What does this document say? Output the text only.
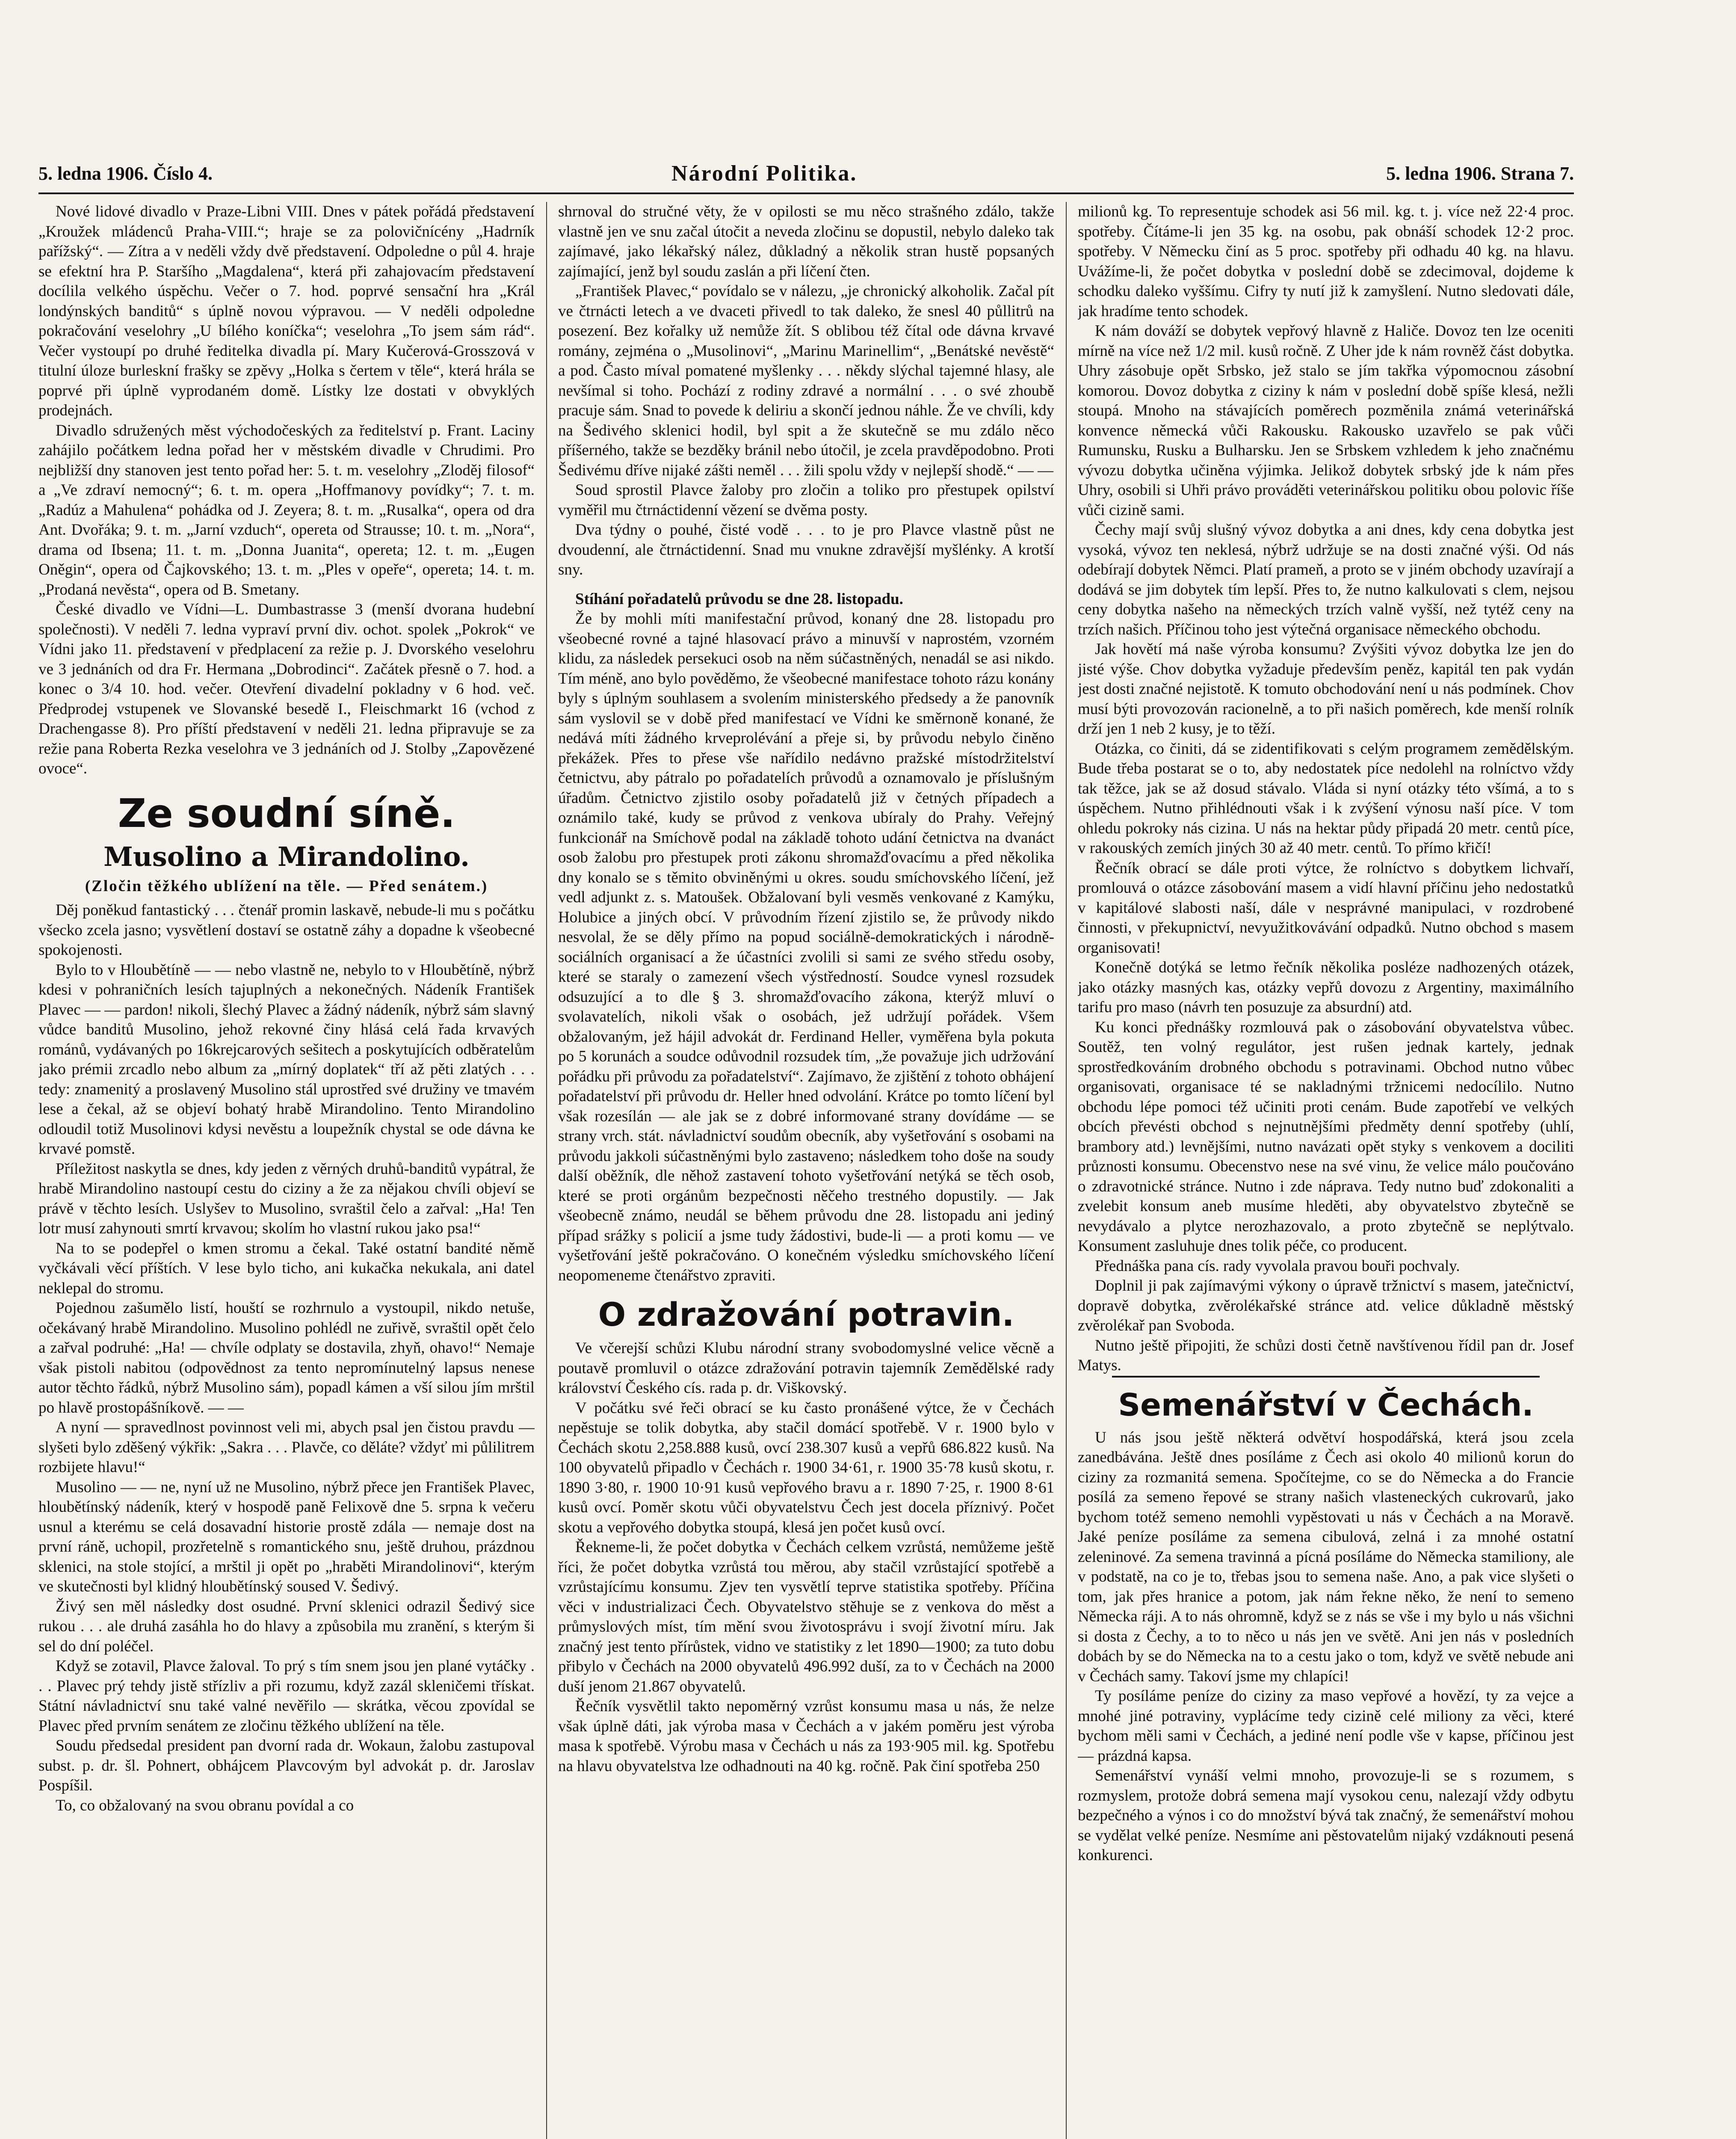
5. ledna 1906. Číslo 4.	Národní Politika.	5. ledna 1906. Strana 7.

Nové lidové divadlo v Praze-Libni VIII. Dnes v pátek pořádá představení „Kroužek mládenců Praha-VIII.“; hraje se za polovičnícény „Hadrník pařížský“. — Zítra a v neděli vždy dvě představení. Odpoledne o půl 4. hraje se efektní hra P. Staršího „Magdalena“, která při zahajovacím představení docílila velkého úspěchu. Večer o 7. hod. poprvé sensační hra „Král londýnských banditů“ s úplně novou výpravou. — V neděli odpoledne pokračování veselohry „U bílého koníčka“; veselohra „To jsem sám rád“. Večer vystoupí po druhé ředitelka divadla pí. Mary Kučerová-Grosszová v titulní úloze burleskní frašky se zpěvy „Holka s čertem v těle“, která hrála se poprvé při úplně vyprodaném domě. Lístky lze dostati v obvyklých prodejnách.

Divadlo sdružených měst východočeských za ředitelství p. Frant. Laciny zahájilo počátkem ledna pořad her v městském divadle v Chrudimi. Pro nejbližší dny stanoven jest tento pořad her: 5. t. m. veselohry „Zloděj filosof“ a „Ve zdraví nemocný“; 6. t. m. opera „Hoffmanovy povídky“; 7. t. m. „Radúz a Mahulena“ pohádka od J. Zeyera; 8. t. m. „Rusalka“, opera od dra Ant. Dvořáka; 9. t. m. „Jarní vzduch“, opereta od Strausse; 10. t. m. „Nora“, drama od Ibsena; 11. t. m. „Donna Juanita“, opereta; 12. t. m. „Eugen Oněgin“, opera od Čajkovského; 13. t. m. „Ples v opeře“, opereta; 14. t. m. „Prodaná nevěsta“, opera od B. Smetany.

České divadlo ve Vídni—L. Dumbastrasse 3 (menší dvorana hudební společnosti). V neděli 7. ledna vypraví první div. ochot. spolek „Pokrok“ ve Vídni jako 11. představení v předplacení za režie p. J. Dvorského veselohru ve 3 jednáních od dra Fr. Hermana „Dobrodinci“. Začátek přesně o 7. hod. a konec o 3/4 10. hod. večer. Otevření divadelní pokladny v 6 hod. več. Předprodej vstupenek ve Slovanské besedě I., Fleischmarkt 16 (vchod z Drachengasse 8). Pro příští představení v neděli 21. ledna připravuje se za režie pana Roberta Rezka veselohra ve 3 jednáních od J. Stolby „Zapovězené ovoce“.

Ze soudní síně.
Musolino a Mirandolino.
(Zločin těžkého ublížení na těle. — Před senátem.)

Děj poněkud fantastický . . . čtenář promin laskavě, nebude-li mu s počátku všecko zcela jasno; vysvětlení dostaví se ostatně záhy a dopadne k všeobecné spokojenosti.

Bylo to v Hloubětíně — — nebo vlastně ne, nebylo to v Hloubětíně, nýbrž kdesi v pohraničních lesích tajuplných a nekonečných. Nádeník František Plavec — — pardon! nikoli, šlechý Plavec a žádný nádeník, nýbrž sám slavný vůdce banditů Musolino, jehož rekovné činy hlásá celá řada krvavých románů, vydávaných po 16krejcarových sešitech a poskytujících odběratelům jako prémii zrcadlo nebo album za „mírný doplatek“ tří až pěti zlatých . . . tedy: znamenitý a proslavený Musolino stál uprostřed své družiny ve tmavém lese a čekal, až se objeví bohatý hrabě Mirandolino. Tento Mirandolino odloudil totiž Musolinovi kdysi nevěstu a loupežník chystal se ode dávna ke krvavé pomstě.

Příležitost naskytla se dnes, kdy jeden z věrných druhů-banditů vypátral, že hrabě Mirandolino nastoupí cestu do ciziny a že za nějakou chvíli objeví se právě v těchto lesích. Uslyšev to Musolino, svraštil čelo a zařval: „Ha! Ten lotr musí zahynouti smrtí krvavou; skolím ho vlastní rukou jako psa!“

Na to se podepřel o kmen stromu a čekal. Také ostatní bandité němě vyčkávali věcí příštích. V lese bylo ticho, ani kukačka nekukala, ani datel neklepal do stromu.

Pojednou zašumělo listí, houští se rozhrnulo a vystoupil, nikdo netuše, očekávaný hrabě Mirandolino. Musolino pohlédl ne zuřivě, svraštil opět čelo a zařval podruhé: „Ha! — chvíle odplaty se dostavila, zhyň, ohavo!“ Nemaje však pistoli nabitou (odpovědnost za tento nepromínutelný lapsus nenese autor těchto řádků, nýbrž Musolino sám), popadl kámen a vší silou jím mrštil po hlavě prostopášníkově. — —

A nyní — spravedlnost povinnost veli mi, abych psal jen čistou pravdu — slyšeti bylo zděšený výkřik: „Sakra . . . Plavče, co děláte? vždyť mi půlilitrem rozbijete hlavu!“

Musolino — — ne, nyní už ne Musolino, nýbrž přece jen František Plavec, hloubětínský nádeník, který v hospodě paně Felixově dne 5. srpna k večeru usnul a kterému se celá dosavadní historie prostě zdála — nemaje dost na první ráně, uchopil, prozřetelně s romantického snu, ještě druhou, prázdnou sklenici, na stole stojící, a mrštil ji opět po „hraběti Mirandolinovi“, kterým ve skutečnosti byl klidný hloubětínský soused V. Šedivý.

Živý sen měl následky dost osudné. První sklenici odrazil Šedivý sice rukou . . . ale druhá zasáhla ho do hlavy a způsobila mu zranění, s kterým ši sel do dní poléčel.

Když se zotavil, Plavce žaloval. To prý s tím snem jsou jen plané vytáčky . . . Plavec prý tehdy jistě střízliv a při rozumu, když zazál skleničemi třískat. Státní návladnictví snu také valné nevěřilo — skrátka, věcou zpovídal se Plavec před prvním senátem ze zločinu těžkého ublížení na těle.

Soudu předsedal president pan dvorní rada dr. Wokaun, žalobu zastupoval subst. p. dr. šl. Pohnert, obhájcem Plavcovým byl advokát p. dr. Jaroslav Pospíšil.

To, co obžalovaný na svou obranu povídal a co

shrnoval do stručné věty, že v opilosti se mu něco strašného zdálo, takže vlastně jen ve snu začal útočit a neveda zločinu se dopustil, nebylo daleko tak zajímavé, jako lékařský nález, důkladný a několik stran hustě popsaných zajímající, jenž byl soudu zaslán a při líčení čten.

„František Plavec,“ povídalo se v nálezu, „je chronický alkoholik. Začal pít ve čtrnácti letech a ve dvaceti přivedl to tak daleko, že snesl 40 půllitrů na posezení. Bez kořalky už nemůže žít. S oblibou též čítal ode dávna krvavé romány, zejména o „Musolinovi“, „Marinu Marinellim“, „Benátské nevěstě“ a pod. Často míval pomatené myšlenky . . . někdy slýchal tajemné hlasy, ale nevšímal si toho. Pochází z rodiny zdravé a normální . . . o své zhoubě pracuje sám. Snad to povede k deliriu a skončí jednou náhle. Že ve chvíli, kdy na Šedivého sklenici hodil, byl spit a že skutečně se mu zdálo něco příšerného, takže se bezděky bránil nebo útočil, je zcela pravděpodobno. Proti Šedivému dříve nijaké zášti neměl . . . žili spolu vždy v nejlepší shodě.“ — —

Soud sprostil Plavce žaloby pro zločin a toliko pro přestupek opilství vyměřil mu čtrnáctidenní vězení se dvěma posty.

Dva týdny o pouhé, čisté vodě . . . to je pro Plavce vlastně půst ne dvoudenní, ale čtrnáctidenní. Snad mu vnukne zdravější myšlénky. A krotší sny.

Stíhání pořadatelů průvodu se dne 28. listopadu.

Že by mohli míti manifestační průvod, konaný dne 28. listopadu pro všeobecné rovné a tajné hlasovací právo a minuvší v naprostém, vzorném klidu, za následek persekuci osob na něm súčastněných, nenadál se asi nikdo. Tím méně, ano bylo pověděmo, že všeobecné manifestace tohoto rázu konány byly s úplným souhlasem a svolením ministerského předsedy a že panovník sám vyslovil se v době před manifestací ve Vídni ke směrnoně konané, že nedává míti žádného krveprolévání a přeje si, by průvodu nebylo činěno překážek. Přes to přese vše nařídilo nedávno pražské místodržitelství četnictvu, aby pátralo po pořadatelích průvodů a oznamovalo je příslušným úřadům. Četnictvo zjistilo osoby pořadatelů již v četných případech a oznámilo také, kudy se průvod z venkova ubíraly do Prahy. Veřejný funkcionář na Smíchově podal na základě tohoto udání četnictva na dvanáct osob žalobu pro přestupek proti zákonu shromažďovacímu a před několika dny konalo se s těmito obviněnými u okres. soudu smíchovského líčení, jež vedl adjunkt z. s. Matoušek. Obžalovaní byli vesměs venkované z Kamýku, Holubice a jiných obcí. V průvodním řízení zjistilo se, že průvody nikdo nesvolal, že se děly přímo na popud sociálně-demokratických i národně-sociálních organisací a že účastníci zvolili si sami ze svého středu osoby, které se staraly o zamezení všech výstředností. Soudce vynesl rozsudek odsuzující a to dle § 3. shromažďovacího zákona, kterýž mluví o svolavatelích, nikoli však o osobách, jež udržují pořádek. Všem obžalovaným, jež hájil advokát dr. Ferdinand Heller, vyměřena byla pokuta po 5 korunách a soudce odůvodnil rozsudek tím, „že považuje jich udržování pořádku při průvodu za pořadatelství“. Zajímavo, že zjištění z tohoto obhájení pořadatelství při průvodu dr. Heller hned odvolání. Krátce po tomto líčení byl však rozesílán — ale jak se z dobré informované strany dovídáme — se strany vrch. stát. návladnictví soudům obecník, aby vyšetřování s osobami na průvodu jakkoli súčastněnými bylo zastaveno; následkem toho doše na soudy další oběžník, dle něhož zastavení tohoto vyšetřování netýká se těch osob, které se proti orgánům bezpečnosti něčeho trestného dopustily. — Jak všeobecně známo, neudál se během průvodu dne 28. listopadu ani jediný případ srážky s policií a jsme tudy žádostivi, bude-li — a proti komu — ve vyšetřování ještě pokračováno. O konečném výsledku smíchovského líčení neopomeneme čtenářstvo zpraviti.

O zdražování potravin.

Ve včerejší schůzi Klubu národní strany svobodomyslné velice věcně a poutavě promluvil o otázce zdražování potravin tajemník Zemědělské rady království Českého cís. rada p. dr. Viškovský.

V počátku své řeči obrací se ku často pronášené výtce, že v Čechách nepěstuje se tolik dobytka, aby stačil domácí spotřebě. V r. 1900 bylo v Čechách skotu 2,258.888 kusů, ovcí 238.307 kusů a vepřů 686.822 kusů. Na 100 obyvatelů připadlo v Čechách r. 1900 34·61, r. 1900 35·78 kusů skotu, r. 1890 3·80, r. 1900 10·91 kusů vepřového bravu a r. 1890 7·25, r. 1900 8·61 kusů ovcí. Poměr skotu vůči obyvatelstvu Čech jest docela příznivý. Počet skotu a vepřového dobytka stoupá, klesá jen počet kusů ovcí.

Řekneme-li, že počet dobytka v Čechách celkem vzrůstá, nemůžeme ještě říci, že počet dobytka vzrůstá tou měrou, aby stačil vzrůstající spotřebě a vzrůstajícímu konsumu. Zjev ten vysvětlí teprve statistika spotřeby. Příčina věci v industrializaci Čech. Obyvatelstvo stěhuje se z venkova do měst a průmyslových míst, tím mění svou životosprávu i svojí životní míru. Jak značný jest tento přírůstek, vidno ve statistiky z let 1890—1900; za tuto dobu přibylo v Čechách na 2000 obyvatelů 496.992 duší, za to v Čechách na 2000 duší jenom 21.867 obyvatelů.

Řečník vysvětlil takto nepoměrný vzrůst konsumu masa u nás, že nelze však úplně dáti, jak výroba masa v Čechách a v jakém poměru jest výroba masa k spotřebě. Výrobu masa v Čechách u nás za 193·905 mil. kg. Spotřebu na hlavu obyvatelstva lze odhadnouti na 40 kg. ročně. Pak činí spotřeba 250

milionů kg. To representuje schodek asi 56 mil. kg. t. j. více než 22·4 proc. spotřeby. Čítáme-li jen 35 kg. na osobu, pak obnáší schodek 12·2 proc. spotřeby. V Německu činí as 5 proc. spotřeby při odhadu 40 kg. na hlavu. Uvážíme-li, že počet dobytka v poslední době se zdecimoval, dojdeme k schodku daleko vyššímu. Cifry ty nutí již k zamyšlení. Nutno sledovati dále, jak hradíme tento schodek.

K nám dováží se dobytek vepřový hlavně z Haliče. Dovoz ten lze oceniti mírně na více než 1/2 mil. kusů ročně. Z Uher jde k nám rovněž část dobytka. Uhry zásobuje opět Srbsko, jež stalo se jím takřka výpomocnou zásobní komorou. Dovoz dobytka z ciziny k nám v poslední době spíše klesá, nežli stoupá. Mnoho na stávajících poměrech pozměnila známá veterinářská konvence německá vůči Rakousku. Rakousko uzavřelo se pak vůči Rumunsku, Rusku a Bulharsku. Jen se Srbskem vzhledem k jeho značnému vývozu dobytka učiněna výjimka. Jelikož dobytek srbský jde k nám přes Uhry, osobili si Uhři právo prováděti veterinářskou politiku obou polovic říše vůči cizině sami.

Čechy mají svůj slušný vývoz dobytka a ani dnes, kdy cena dobytka jest vysoká, vývoz ten neklesá, nýbrž udržuje se na dosti značné výši. Od nás odebírají dobytek Němci. Platí prameň, a proto se v jiném obchody uzavírají a dodává se jim dobytek tím lepší. Přes to, že nutno kalkulovati s clem, nejsou ceny dobytka našeho na německých trzích valně vyšší, než tytéž ceny na trzích našich. Příčinou toho jest výtečná organisace německého obchodu.

Jak hovětí má naše výroba konsumu? Zvýšiti vývoz dobytka lze jen do jisté výše. Chov dobytka vyžaduje především peněz, kapitál ten pak vydán jest dosti značné nejistotě. K tomuto obchodování není u nás podmínek. Chov musí býti provozován racionelně, a to při našich poměrech, kde menší rolník drží jen 1 neb 2 kusy, je to těží.

Otázka, co činiti, dá se zidentifikovati s celým programem zemědělským. Bude třeba postarat se o to, aby nedostatek píce nedolehl na rolníctvo vždy tak těžce, jak se až dosud stávalo. Vláda si nyní otázky této všímá, a to s úspěchem. Nutno přihlédnouti však i k zvýšení výnosu naší píce. V tom ohledu pokroky nás cizina. U nás na hektar půdy připadá 20 metr. centů píce, v rakouských zemích jiných 30 až 40 metr. centů. To přímo křičí!

Řečník obrací se dále proti výtce, že rolníctvo s dobytkem lichvaří, promlouvá o otázce zásobování masem a vidí hlavní příčinu jeho nedostatků v kapitálové slabosti naší, dále v nesprávné manipulaci, v rozdrobené činnosti, v překupnictví, nevyužitkovávání odpadků. Nutno obchod s masem organisovati!

Konečně dotýká se letmo řečník několika posléze nadhozených otázek, jako otázky masných kas, otázky vepřů dovozu z Argentiny, maximálního tarifu pro maso (návrh ten posuzuje za absurdní) atd.

Ku konci přednášky rozmlouvá pak o zásobování obyvatelstva vůbec. Soutěž, ten volný regulátor, jest rušen jednak kartely, jednak sprostředkováním drobného obchodu s potravinami. Obchod nutno vůbec organisovati, organisace té se nakladnými tržnicemi nedocílilo. Nutno obchodu lépe pomoci též učiniti proti cenám. Bude zapotřebí ve velkých obcích převésti obchod s nejnutnějšími předměty denní spotřeby (uhlí, brambory atd.) levnějšími, nutno navázati opět styky s venkovem a dociliti průznosti konsumu. Obecenstvo nese na své vinu, že velice málo poučováno o zdravotnické stránce. Nutno i zde náprava. Tedy nutno buď zdokonaliti a zvelebit konsum aneb musíme hleděti, aby obyvatelstvo zbytečně se nevydávalo a plytce nerozhazovalo, a proto zbytečně se neplýtvalo. Konsument zasluhuje dnes tolik péče, co producent.

Přednáška pana cís. rady vyvolala pravou bouři pochvaly.

Doplnil ji pak zajímavými výkony o úpravě tržnictví s masem, jatečnictví, dopravě dobytka, zvěrolékařské stránce atd. velice důkladně městský zvěrolékař pan Svoboda.

Nutno ještě připojiti, že schůzi dosti četně navštívenou řídil pan dr. Josef Matys.

Semenářství v Čechách.

U nás jsou ještě některá odvětví hospodářská, která jsou zcela zanedbávána. Ještě dnes posíláme z Čech asi okolo 40 milionů korun do ciziny za rozmanitá semena. Spočítejme, co se do Německa a do Francie posílá za semeno řepové se strany našich vlasteneckých cukrovarů, jako bychom totéž semeno nemohli vypěstovati u nás v Čechách a na Moravě. Jaké peníze posíláme za semena cibulová, zelná i za mnohé ostatní zeleninové. Za semena travinná a pícná posíláme do Německa stamiliony, ale v podstatě, na co je to, třebas jsou to semena naše. Ano, a pak vice slyšeti o tom, jak přes hranice a potom, jak nám řekne něko, že není to semeno Německa ráji. A to nás ohromně, když se z nás se vše i my bylo u nás všichni si dosta z Čechy, a to to něco u nás jen ve světě. Ani jen nás v posledních dobách by se do Německa na to a cestu jako o tom, když ve světě nebude ani v Čechách samy. Takoví jsme my chlapíci!

Ty posíláme peníze do ciziny za maso vepřové a hovězí, ty za vejce a mnohé jiné potraviny, vyplácíme tedy cizině celé miliony za věci, které bychom měli sami v Čechách, a jediné není podle vše v kapse, příčinou jest — prázdná kapsa.

Semenářství vynáší velmi mnoho, provozuje-li se s rozumem, s rozmyslem, protože dobrá semena mají vysokou cenu, nalezají vždy odbytu bezpečného a výnos i co do množství bývá tak značný, že semenářství mohou se vydělat velké peníze. Nesmíme ani pěstovatelům nijaký vzdáknouti pesená konkurenci.
